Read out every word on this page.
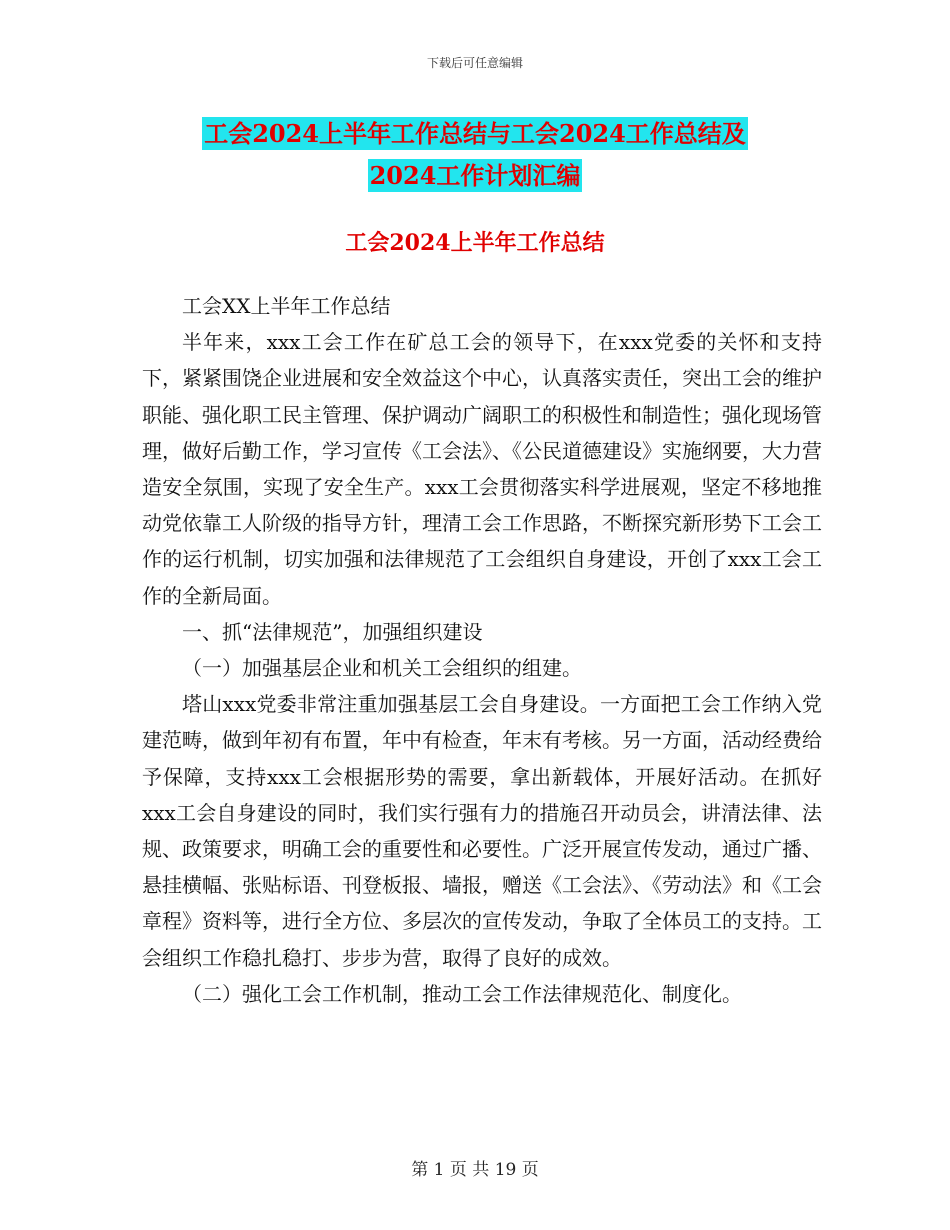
下载后可任意编辑
工会2024上半年工作总结与工会2024工作总结及
2024工作计划汇编
工会2024上半年工作总结

工会XX上半年工作总结

半年来，xxx工会工作在矿总工会的领导下，在xxx党委的关怀和支持下，紧紧围饶企业进展和安全效益这个中心，认真落实责任，突出工会的维护职能、强化职工民主管理、保护调动广阔职工的积极性和制造性；强化现场管理，做好后勤工作，学习宣传《工会法》、《公民道德建设》实施纲要，大力营造安全氛围，实现了安全生产。xxx工会贯彻落实科学进展观，坚定不移地推动党依靠工人阶级的指导方针，理清工会工作思路，不断探究新形势下工会工作的运行机制，切实加强和法律规范了工会组织自身建设，开创了xxx工会工作的全新局面。

一、抓“法律规范”，加强组织建设

（一）加强基层企业和机关工会组织的组建。

塔山xxx党委非常注重加强基层工会自身建设。一方面把工会工作纳入党建范畴，做到年初有布置，年中有检查，年末有考核。另一方面，活动经费给予保障，支持xxx工会根据形势的需要，拿出新载体，开展好活动。在抓好xxx工会自身建设的同时，我们实行强有力的措施召开动员会，讲清法律、法规、政策要求，明确工会的重要性和必要性。广泛开展宣传发动，通过广播、悬挂横幅、张贴标语、刊登板报、墙报，赠送《工会法》、《劳动法》和《工会章程》资料等，进行全方位、多层次的宣传发动，争取了全体员工的支持。工会组织工作稳扎稳打、步步为营，取得了良好的成效。

（二）强化工会工作机制，推动工会工作法律规范化、制度化。

第 1 页 共 19 页
